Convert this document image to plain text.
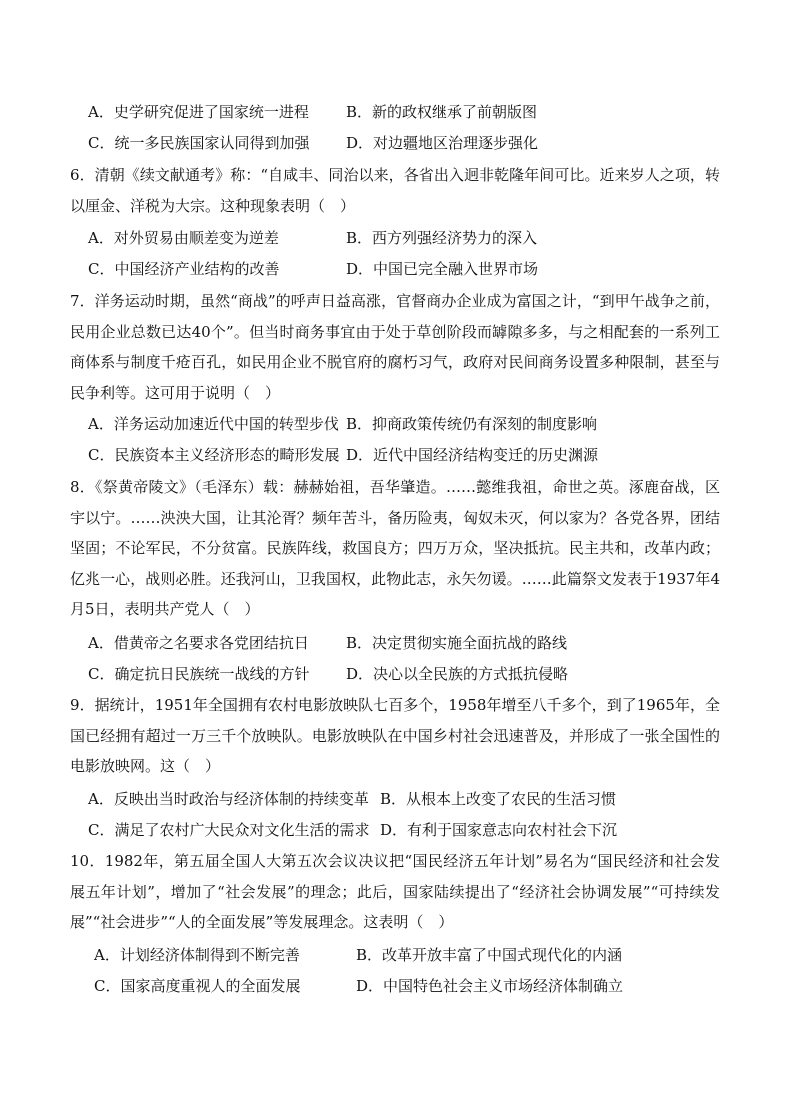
A．史学研究促进了国家统一进程 B．新的政权继承了前朝版图
C．统一多民族国家认同得到加强 D．对边疆地区治理逐步强化
6．清朝《续文献通考》称：“自咸丰、同治以来，各省出入迥非乾隆年间可比。近来岁人之项，转以厘金、洋税为大宗。这种现象表明（　）
A．对外贸易由顺差变为逆差	B．西方列强经济势力的深入
C．中国经济产业结构的改善	D．中国已完全融入世界市场
7．洋务运动时期，虽然“商战”的呼声日益高涨，官督商办企业成为富国之计，“到甲午战争之前，民用企业总数已达40个”。但当时商务事宜由于处于草创阶段而罅隙多多，与之相配套的一系列工商体系与制度千疮百孔，如民用企业不脱官府的腐朽习气，政府对民间商务设置多种限制，甚至与民争利等。这可用于说明（　）
A．洋务运动加速近代中国的转型步伐 B．抑商政策传统仍有深刻的制度影响
C．民族资本主义经济形态的畸形发展 D．近代中国经济结构变迁的历史渊源
8．《祭黄帝陵文》（毛泽东）载：赫赫始祖，吾华肇造。……懿维我祖，命世之英。涿鹿奋战，区宇以宁。……泱泱大国，让其沦胥？频年苦斗，备历险夷，匈奴未灭，何以家为？各党各界，团结坚固；不论军民，不分贫富。民族阵线，救国良方；四万万众，坚决抵抗。民主共和，改革内政；亿兆一心，战则必胜。还我河山，卫我国权，此物此志，永矢勿谖。……此篇祭文发表于1937年4月5日，表明共产党人（　）
A．借黄帝之名要求各党团结抗日 B．决定贯彻实施全面抗战的路线
C．确定抗日民族统一战线的方针 D．决心以全民族的方式抵抗侵略
9．据统计，1951年全国拥有农村电影放映队七百多个，1958年增至八千多个，到了1965年，全国已经拥有超过一万三千个放映队。电影放映队在中国乡村社会迅速普及，并形成了一张全国性的电影放映网。这（　）
A．反映出当时政治与经济体制的持续变革 B．从根本上改变了农民的生活习惯
C．满足了农村广大民众对文化生活的需求 D．有利于国家意志向农村社会下沉
10．1982年，第五届全国人大第五次会议决议把“国民经济五年计划”易名为“国民经济和社会发展五年计划”，增加了“社会发展”的理念；此后，国家陆续提出了“经济社会协调发展”“可持续发展”“社会进步”“人的全面发展”等发展理念。这表明（　）
A．计划经济体制得到不断完善	B．改革开放丰富了中国式现代化的内涵
C．国家高度重视人的全面发展	D．中国特色社会主义市场经济体制确立
